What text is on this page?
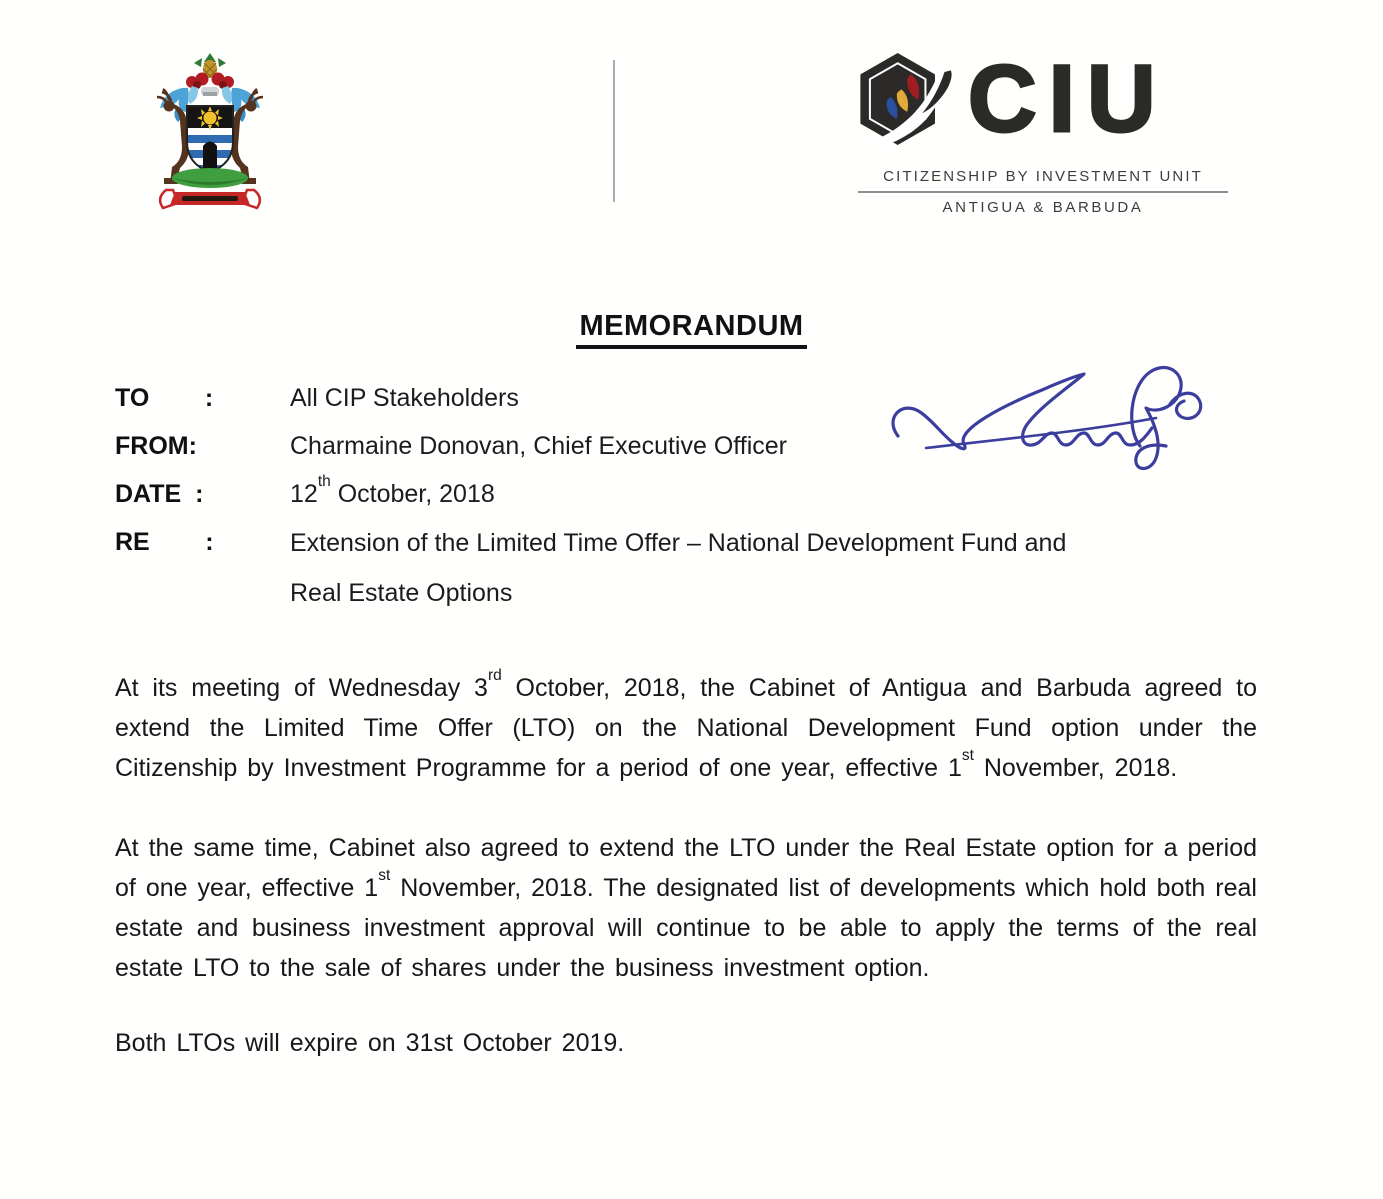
CIU
CITIZENSHIP BY INVESTMENT UNIT
ANTIGUA & BARBUDA
MEMORANDUM
TO        :	All CIP Stakeholders
FROM:	Charmaine Donovan, Chief Executive Officer
DATE  :	12th October, 2018
RE        :	Extension of the Limited Time Offer – National Development Fund and
Real Estate Options

At its meeting of Wednesday 3rd October, 2018, the Cabinet of Antigua and Barbuda agreed to extend the Limited Time Offer (LTO) on the National Development Fund option under the Citizenship by Investment Programme for a period of one year, effective 1st November, 2018.

At the same time, Cabinet also agreed to extend the LTO under the Real Estate option for a period of one year, effective 1st November, 2018. The designated list of developments which hold both real estate and business investment approval will continue to be able to apply the terms of the real estate LTO to the sale of shares under the business investment option.

Both LTOs will expire on 31st October 2019.
